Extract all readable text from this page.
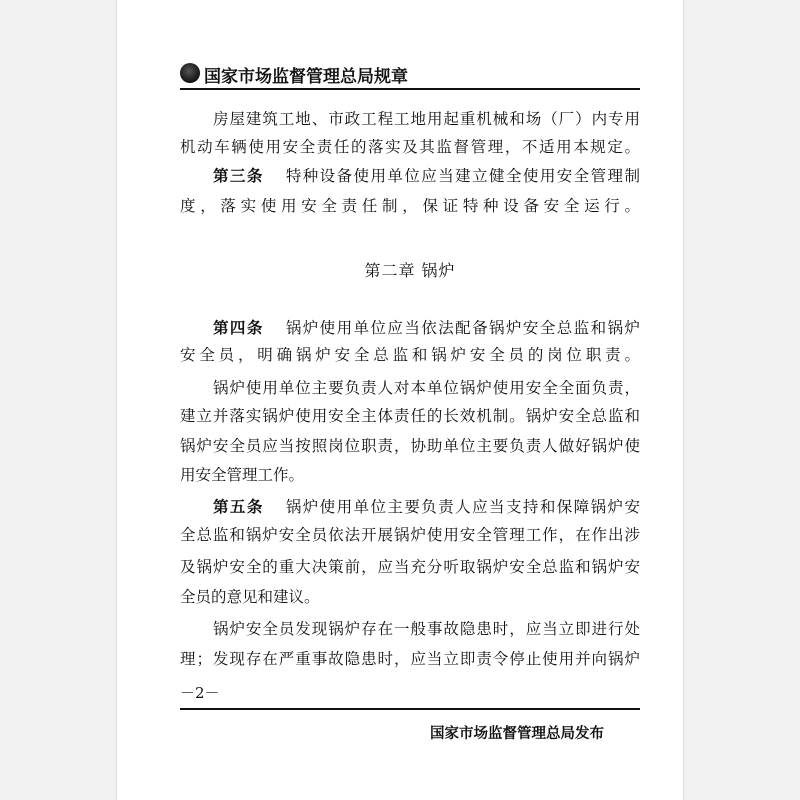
国家市场监督管理总局规章
房屋建筑工地、市政工程工地用起重机械和场（厂）内专用
机动车辆使用安全责任的落实及其监督管理，不适用本规定。
第三条 特种设备使用单位应当建立健全使用安全管理制
度，落实使用安全责任制，保证特种设备安全运行。
第二章 锅炉
第四条 锅炉使用单位应当依法配备锅炉安全总监和锅炉
安全员，明确锅炉安全总监和锅炉安全员的岗位职责。
锅炉使用单位主要负责人对本单位锅炉使用安全全面负责，
建立并落实锅炉使用安全主体责任的长效机制。锅炉安全总监和
锅炉安全员应当按照岗位职责，协助单位主要负责人做好锅炉使
用安全管理工作。
第五条 锅炉使用单位主要负责人应当支持和保障锅炉安
全总监和锅炉安全员依法开展锅炉使用安全管理工作，在作出涉
及锅炉安全的重大决策前，应当充分听取锅炉安全总监和锅炉安
全员的意见和建议。
锅炉安全员发现锅炉存在一般事故隐患时，应当立即进行处
理；发现存在严重事故隐患时，应当立即责令停止使用并向锅炉
－2－
国家市场监督管理总局发布
